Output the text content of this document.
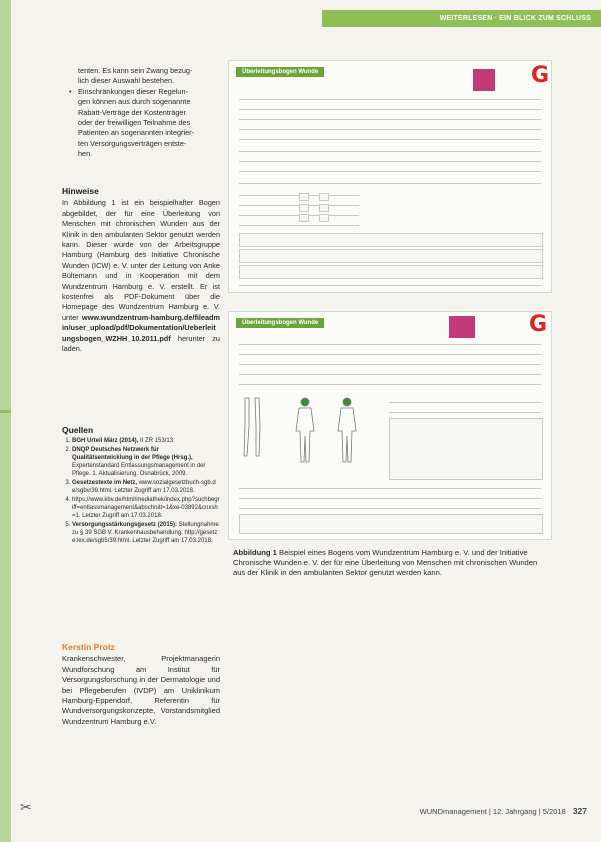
WEITERLESEN · EIN BLICK ZUM SCHLUSS
tenten. Es kann sein Zwang bezug-
lich dieser Auswahl bestehen.
• Einschränkungen dieser Regelun-
gen können aus durch sogenannte
Rabatt-Verträge der Kostenträger
oder der freiwilligen Teilnahme des
Patienten an sogenannten integrier-
ten Versorgungsverträgen entste-
hen.
Hinweise

In Abbildung 1 ist ein beispielhafter Bogen abgebildet, der für eine Überleitung von Menschen mit chronischen Wunden aus der Klinik in den ambulanten Sektor genutzt werden kann. Dieser wurde von der Arbeitsgruppe Hamburg (Hamburg des Initiative Chronische Wunden (ICW) e. V. unter der Leitung von Anke Bültemann und in Kooperation mit dem Wundzentrum Hamburg e. V. erstellt. Er ist kostenfrei als PDF-Dokument über die Homepage des Wundzentrum Hamburg e. V. unter www.wundzentrum-hamburg.de/fileadmin/user_upload/pdf/Dokumentation/Ueberleitungsbogen_WZHH_10.2011.pdf herunter zu laden.

Quellen
1. BGH Urteil März (2014), II ZR 153/13.
2. DNQP Deutsches Netzwerk für Qualitätsentwicklung in der Pflege (Hrsg.), Expertenstandard Entlassungsmanagement in der Pflege. 1. Aktualisierung. Osnabrück, 2009.
3. Gesetzestexte im Netz, www.sozialgesetzbuch-sgb.de/sgbv/39.html. Letzter Zugriff am 17.03.2018.
4. https://www.kbv.de/html/mediathek/index.php?suchbegriff=entlassmanagement&abschnitt=1&xe-03892&cnxsh=1. Letzter Zugriff am 17.03.2018.
5. Versorgungsstärkungsgesetz (2015): Stellungnahme zu § 39 SGB V. Krankenhausbehandlung. http://gesetze.lex.de/sgb5/39.html. Letzter Zugriff am 17.03.2018.
Kerstin Protz

Krankenschwester, Projektmanagerin Wundforschung am Institut für Versorgungsforschung in der Dermatologie und bei Pflegeberufen (IVDP) am Uniklinikum Hamburg-Eppendorf, Referentin für Wundversorgungskonzepte, Vorstandsmitglied Wundzentrum Hamburg e.V.

Überleitungsbogen Wunde	G
Überleitungsbogen Wunde	G
Abbildung 1 Beispiel eines Bogens vom Wundzentrum Hamburg e. V. und der Initiative Chronische Wunden e. V. der für eine Überleitung von Menschen mit chronischen Wunden aus der Klinik in den ambulanten Sektor genutzt werden kann.
✂	WUNDmanagement | 12. Jahrgang | 5/2018 327
